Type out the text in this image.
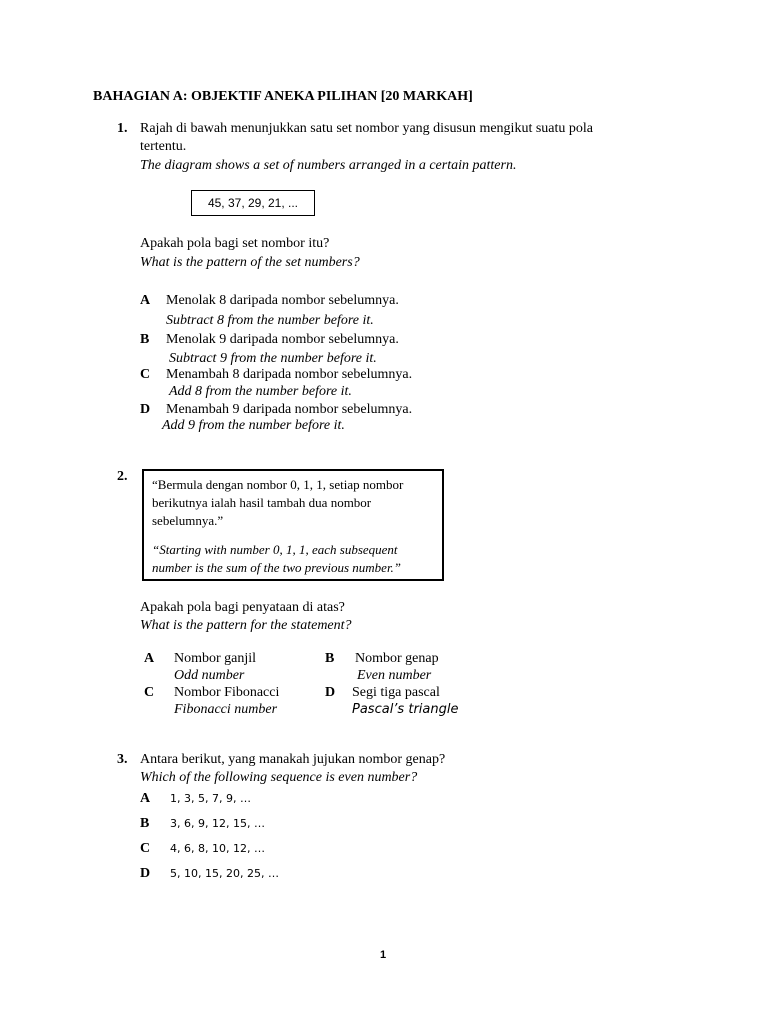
BAHAGIAN A: OBJEKTIF ANEKA PILIHAN [20 MARKAH]
1. Rajah di bawah menunjukkan satu set nombor yang disusun mengikut suatu pola
tertentu.
The diagram shows a set of numbers arranged in a certain pattern.
45, 37, 29, 21, ...
Apakah pola bagi set nombor itu?
What is the pattern of the set numbers?
A Menolak 8 daripada nombor sebelumnya.
Subtract 8 from the number before it.
B Menolak 9 daripada nombor sebelumnya.
Subtract 9 from the number before it.
C Menambah 8 daripada nombor sebelumnya.
Add 8 from the number before it.
D Menambah 9 daripada nombor sebelumnya.
Add 9 from the number before it.
2.
“Bermula dengan nombor 0, 1, 1, setiap nombor
berikutnya ialah hasil tambah dua nombor
sebelumnya.”
“Starting with number 0, 1, 1, each subsequent
number is the sum of the two previous number.”
Apakah pola bagi penyataan di atas?
What is the pattern for the statement?
A Nombor ganjil
Odd number
B Nombor genap
Even number
C Nombor Fibonacci
Fibonacci number
D Segi tiga pascal
Pascal’s triangle
3. Antara berikut, yang manakah jujukan nombor genap?
Which of the following sequence is even number?
A 1, 3, 5, 7, 9, …
B 3, 6, 9, 12, 15, …
C 4, 6, 8, 10, 12, …
D 5, 10, 15, 20, 25, …
1
